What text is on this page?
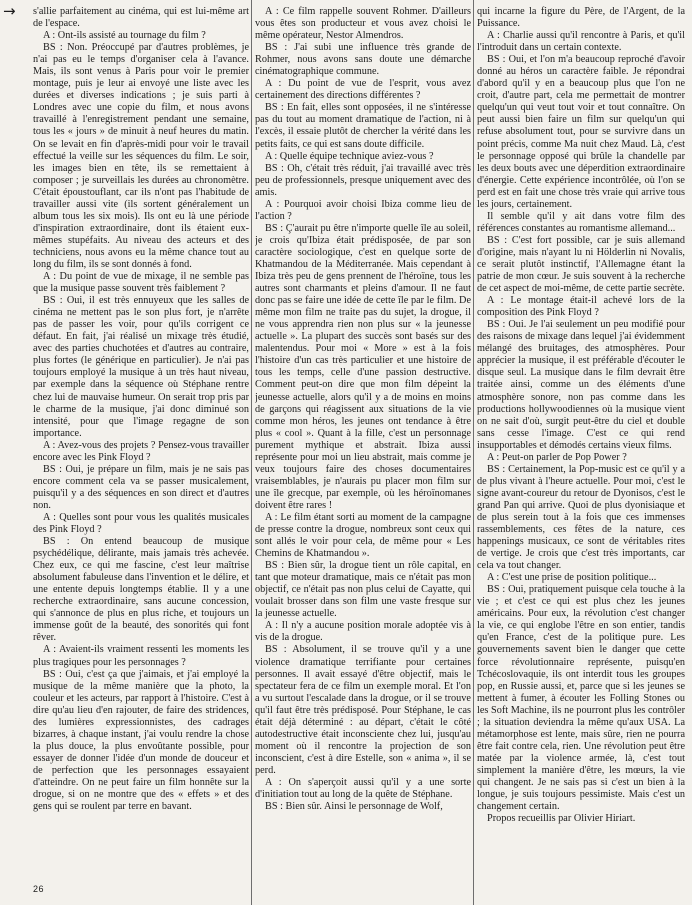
→ s'allie parfaitement au cinéma, qui est lui-même art de l'espace.

A : Ont-ils assisté au tournage du film ?

BS : Non. Préoccupé par d'autres problèmes, je n'ai pas eu le temps d'organiser cela à l'avance. Mais, ils sont venus à Paris pour voir le premier montage, puis je leur ai envoyé une liste avec les durées et diverses indications ; je suis parti à Londres avec une copie du film, et nous avons travaillé à l'enregistrement pendant une semaine, tous les « jours » de minuit à neuf heures du matin. On se levait en fin d'après-midi pour voir le travail effectué la veille sur les séquences du film. Le soir, les images bien en tête, ils se remettaient à composer ; je surveillais les durées au chronomètre. C'était époustouflant, car ils n'ont pas l'habitude de travailler aussi vite (ils sortent généralement un album tous les six mois). Ils ont eu là une période d'inspiration extraordinaire, dont ils étaient eux-mêmes stupéfaits. Au niveau des acteurs et des techniciens, nous avons eu la même chance tout au long du film, ils se sont donnés à fond.

A : Du point de vue de mixage, il ne semble pas que la musique passe souvent très faiblement ?

BS : Oui, il est très ennuyeux que les salles de cinéma ne mettent pas le son plus fort, je n'arrête pas de passer les voir, pour qu'ils corrigent ce défaut. En fait, j'ai réalisé un mixage très étudié, avec des parties chuchotées et d'autres au contraire, plus fortes (le générique en particulier). Je n'ai pas toujours employé la musique à un très haut niveau, par exemple dans la séquence où Stéphane rentre chez lui de mauvaise humeur. On serait trop pris par le charme de la musique, j'ai donc diminué son intensité, pour que l'image regagne de son importance.

A : Avez-vous des projets ? Pensez-vous travailler encore avec les Pink Floyd ?

BS : Oui, je prépare un film, mais je ne sais pas encore comment cela va se passer musicalement, puisqu'il y a des séquences en son direct et d'autres non.

A : Quelles sont pour vous les qualités musicales des Pink Floyd ?

BS : On entend beaucoup de musique psychédélique, délirante, mais jamais très achevée. Chez eux, ce qui me fascine, c'est leur maîtrise absolument fabuleuse dans l'invention et le délire, et une entente depuis longtemps établie. Il y a une recherche extraordinaire, sans aucune concession, qui s'annonce de plus en plus riche, et toujours un immense goût de la beauté, des sonorités qui font rêver.

A : Avaient-ils vraiment ressenti les moments les plus tragiques pour les personnages ?

BS : Oui, c'est ça que j'aimais, et j'ai employé la musique de la même manière que la photo, la couleur et les acteurs, par rapport à l'histoire. C'est à dire qu'au lieu d'en rajouter, de faire des stridences, des lumières expressionnistes, des cadrages bizarres, à chaque instant, j'ai voulu rendre la chose la plus douce, la plus envoûtante possible, pour essayer de donner l'idée d'un monde de douceur et de perfection que les personnages essayaient d'atteindre. On ne peut faire un film honnête sur la drogue, si on ne montre que des « effets » et des gens qui se roulent par terre en bavant.

A : Ce film rappelle souvent Rohmer. D'ailleurs vous êtes son producteur et vous avez choisi le même opérateur, Nestor Almendros.

BS : J'ai subi une influence très grande de Rohmer, nous avons sans doute une démarche cinématographique commune.

A : Du point de vue de l'esprit, vous avez certainement des directions différentes ?

BS : En fait, elles sont opposées, il ne s'intéresse pas du tout au moment dramatique de l'action, ni à l'excès, il essaie plutôt de chercher la vérité dans les petits faits, ce qui est sans doute difficile.

A : Quelle équipe technique aviez-vous ?

BS : Oh, c'était très réduit, j'ai travaillé avec très peu de professionnels, presque uniquement avec des amis.

A : Pourquoi avoir choisi Ibiza comme lieu de l'action ?

BS : Ç'aurait pu être n'importe quelle île au soleil, je crois qu'Ibiza était prédisposée, de par son caractère sociologique, c'est en quelque sorte de Khatmandou de la Méditerranée. Mais cependant à Ibiza très peu de gens prennent de l'héroïne, tous les autres sont charmants et pleins d'amour. Il ne faut donc pas se faire une idée de cette île par le film. De même mon film ne traite pas du sujet, la drogue, il ne vous apprendra rien non plus sur « la jeunesse actuelle ». La plupart des succès sont basés sur des malentendus. Pour moi « More » est à la fois l'histoire d'un cas très particulier et une histoire de tous les temps, celle d'une passion destructive. Comment peut-on dire que mon film dépeint la jeunesse actuelle, alors qu'il y a de moins en moins de garçons qui réagissent aux situations de la vie comme mon héros, les jeunes ont tendance à être plus « cool ». Quant à la fille, c'est un personnage purement mythique et abstrait. Ibiza aussi représente pour moi un lieu abstrait, mais comme je veux toujours faire des choses documentaires vraisemblables, je n'aurais pu placer mon film sur une île grecque, par exemple, où les héroïnomanes doivent être rares !

A : Le film étant sorti au moment de la campagne de presse contre la drogue, nombreux sont ceux qui sont allés le voir pour cela, de même pour « Les Chemins de Khatmandou ».

BS : Bien sûr, la drogue tient un rôle capital, en tant que moteur dramatique, mais ce n'était pas mon objectif, ce n'était pas non plus celui de Cayatte, qui voulait brosser dans son film une vaste fresque sur la jeunesse actuelle.

A : Il n'y a aucune position morale adoptée vis à vis de la drogue.

BS : Absolument, il se trouve qu'il y a une violence dramatique terrifiante pour certaines personnes. Il avait essayé d'être objectif, mais le spectateur fera de ce film un exemple moral. Et l'on a vu surtout l'escalade dans la drogue, or il se trouve qu'il faut être très prédisposé. Pour Stéphane, le cas était déjà déterminé : au départ, c'était le côté autodestructive était inconsciente chez lui, jusqu'au moment où il rencontre la projection de son inconscient, c'est à dire Estelle, son « anima », il se perd.

A : On s'aperçoit aussi qu'il y a une sorte d'initiation tout au long de la quête de Stéphane.

BS : Bien sûr. Ainsi le personnage de Wolf,

qui incarne la figure du Père, de l'Argent, de la Puissance.

A : Charlie aussi qu'il rencontre à Paris, et qu'il l'introduit dans un certain contexte.

BS : Oui, et l'on m'a beaucoup reproché d'avoir donné au héros un caractère faible. Je répondrai d'abord qu'il y en a beaucoup plus que l'on ne croit, d'autre part, cela me permettait de montrer quelqu'un qui veut tout voir et tout connaître. On peut aussi bien faire un film sur quelqu'un qui refuse absolument tout, pour se survivre dans un point précis, comme Ma nuit chez Maud. Là, c'est le personnage opposé qui brûle la chandelle par les deux bouts avec une déperdition extraordinaire d'énergie. Cette expérience incontrôlée, où l'on se perd est en fait une chose très vraie qui arrive tous les jours, certainement.

Il semble qu'il y ait dans votre film des références constantes au romantisme allemand...

BS : C'est fort possible, car je suis allemand d'origine, mais n'ayant lu ni Hölderlin ni Novalis, ce serait plutôt instinctif, l'Allemagne étant la patrie de mon cœur. Je suis souvent à la recherche de cet aspect de moi-même, de cette partie secrète.

A : Le montage était-il achevé lors de la composition des Pink Floyd ?

BS : Oui. Je l'ai seulement un peu modifié pour des raisons de mixage dans lequel j'ai évidemment mélangé des bruitages, des atmosphères. Pour apprécier la musique, il est préférable d'écouter le disque seul. La musique dans le film devrait être traitée ainsi, comme un des éléments d'une atmosphère sonore, non pas comme dans les productions hollywoodiennes où la musique vient on ne sait d'où, surgit peut-être du ciel et double sans cesse l'image. C'est ce qui rend insupportables et démodés certains vieux films.

A : Peut-on parler de Pop Power ?

BS : Certainement, la Pop-music est ce qu'il y a de plus vivant à l'heure actuelle. Pour moi, c'est le signe avant-coureur du retour de Dyonisos, c'est le grand Pan qui arrive. Quoi de plus dyonisiaque et de plus serein tout à la fois que ces immenses rassemblements, ces fêtes de la nature, ces happenings musicaux, ce sont de véritables rites de vertige. Je crois que c'est très importants, car cela va tout changer.

A : C'est une prise de position politique...

BS : Oui, pratiquement puisque cela touche à la vie ; et c'est ce qui est plus chez les jeunes américains. Pour eux, la révolution c'est changer la vie, ce qui englobe l'être en son entier, tandis qu'en France, c'est de la politique pure. Les gouvernements savent bien le danger que cette force révolutionnaire représente, puisqu'en Tchécoslovaquie, ils ont interdit tous les groupes pop, en Russie aussi, et, parce que si les jeunes se mettent à fumer, à écouter les Folling Stones ou les Soft Machine, ils ne pourront plus les contrôler ; la situation deviendra la même qu'aux USA. La métamorphose est lente, mais sûre, rien ne pourra être fait contre cela, rien. Une révolution peut être matée par la violence armée, là, c'est tout simplement la manière d'être, les mœurs, la vie qui changent. Je ne sais pas si c'est un bien à la longue, je suis toujours pessimiste. Mais c'est un changement certain.

Propos recueillis par Olivier Hiriart.

26
